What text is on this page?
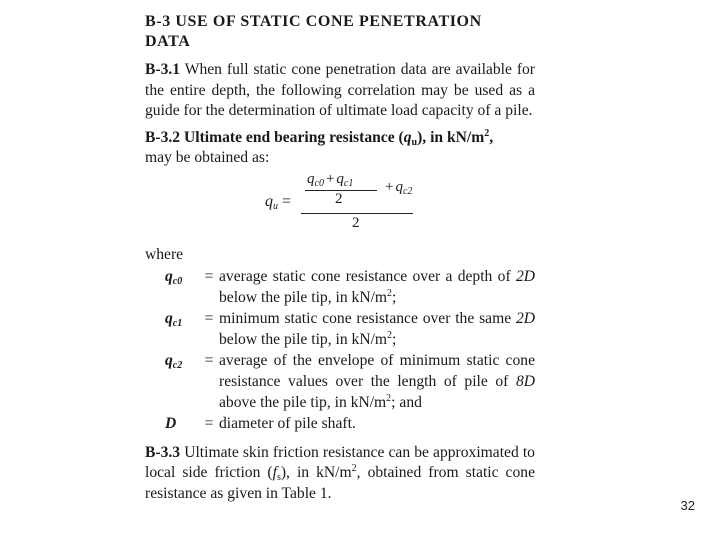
B-3 USE OF STATIC CONE PENETRATION
DATA

B-3.1 When full static cone penetration data are available for the entire depth, the following correlation may be used as a guide for the determination of ultimate load capacity of a pile.

B-3.2 Ultimate end bearing resistance $(q_u)$, in $kN/m^2$,
may be obtained as:

$q_u$ =
$q_{c0} + q_{c1}$
2
+ $q_{c2}$
2
where
$q_{c0}$	= average static cone resistance over a depth of 2D below the pile tip, in $kN/m^2$;
$q_{c1}$	= minimum static cone resistance over the same 2D below the pile tip, in $kN/m^2$;
$q_{c2}$	= average of the envelope of minimum static cone resistance values over the length of pile of 8D above the pile tip, in $kN/m^2$; and
D	= diameter of pile shaft.

B-3.3 Ultimate skin friction resistance can be approximated to local side friction $(f_s)$, in $kN/m^2$, obtained from static cone resistance as given in Table 1.

32
